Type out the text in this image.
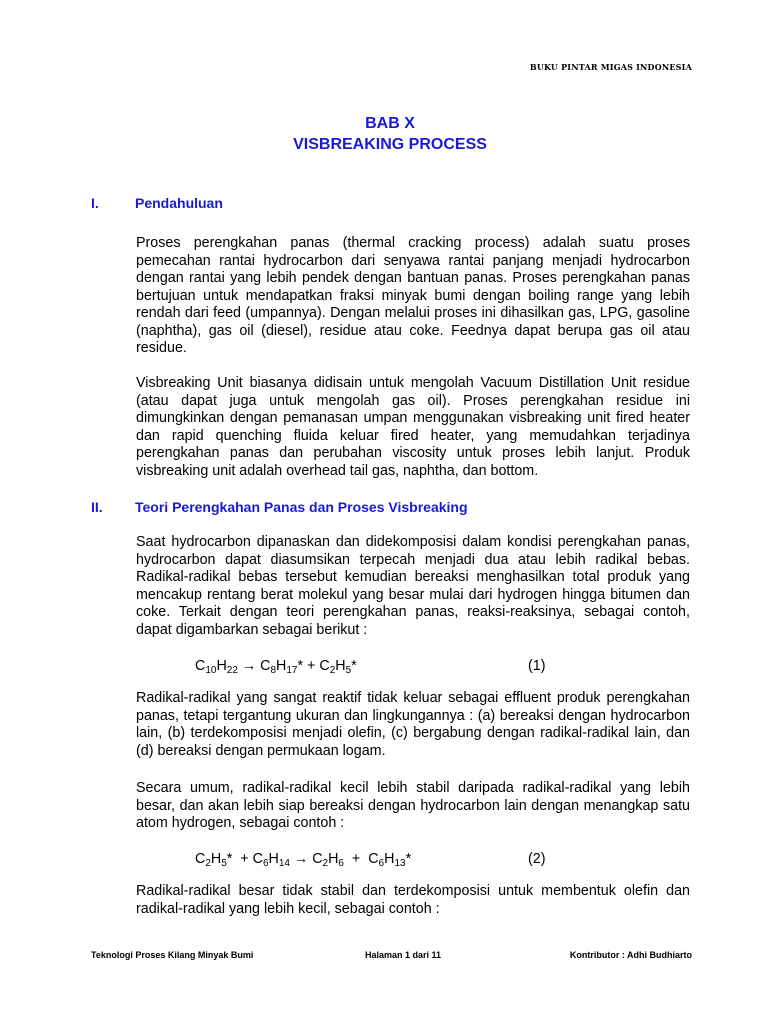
BUKU PINTAR MIGAS INDONESIA
BAB X
VISBREAKING PROCESS
I.	Pendahuluan
Proses perengkahan panas (thermal cracking process) adalah suatu proses pemecahan rantai hydrocarbon dari senyawa rantai panjang menjadi hydrocarbon dengan rantai yang lebih pendek dengan bantuan panas. Proses perengkahan panas bertujuan untuk mendapatkan fraksi minyak bumi dengan boiling range yang lebih rendah dari feed (umpannya). Dengan melalui proses ini dihasilkan gas, LPG, gasoline (naphtha), gas oil (diesel), residue atau coke. Feednya dapat berupa gas oil atau residue.
Visbreaking Unit biasanya didisain untuk mengolah Vacuum Distillation Unit residue (atau dapat juga untuk mengolah gas oil). Proses perengkahan residue ini dimungkinkan dengan pemanasan umpan menggunakan visbreaking unit fired heater dan rapid quenching fluida keluar fired heater, yang memudahkan terjadinya perengkahan panas dan perubahan viscosity untuk proses lebih lanjut. Produk visbreaking unit adalah overhead tail gas, naphtha, dan bottom.
II. Teori Perengkahan Panas dan Proses Visbreaking
Saat hydrocarbon dipanaskan dan didekomposisi dalam kondisi perengkahan panas, hydrocarbon dapat diasumsikan terpecah menjadi dua atau lebih radikal bebas. Radikal-radikal bebas tersebut kemudian bereaksi menghasilkan total produk yang mencakup rentang berat molekul yang besar mulai dari hydrogen hingga bitumen dan coke. Terkait dengan teori perengkahan panas, reaksi-reaksinya, sebagai contoh, dapat digambarkan sebagai berikut :
$C_{10}H_{22} \to C_8H_{17}* + C_2H_5*$	(1)
Radikal-radikal yang sangat reaktif tidak keluar sebagai effluent produk perengkahan panas, tetapi tergantung ukuran dan lingkungannya : (a) bereaksi dengan hydrocarbon lain, (b) terdekomposisi menjadi olefin, (c) bergabung dengan radikal-radikal lain, dan (d) bereaksi dengan permukaan logam.
Secara umum, radikal-radikal kecil lebih stabil daripada radikal-radikal yang lebih besar, dan akan lebih siap bereaksi dengan hydrocarbon lain dengan menangkap satu atom hydrogen, sebagai contoh :
$C_2H_5* + C_6H_{14} \to C_2H_6 + C_6H_{13}*$	(2)
Radikal-radikal besar tidak stabil dan terdekomposisi untuk membentuk olefin dan radikal-radikal yang lebih kecil, sebagai contoh :
Teknologi Proses Kilang Minyak Bumi	Halaman 1 dari 11	Kontributor : Adhi Budhiarto
